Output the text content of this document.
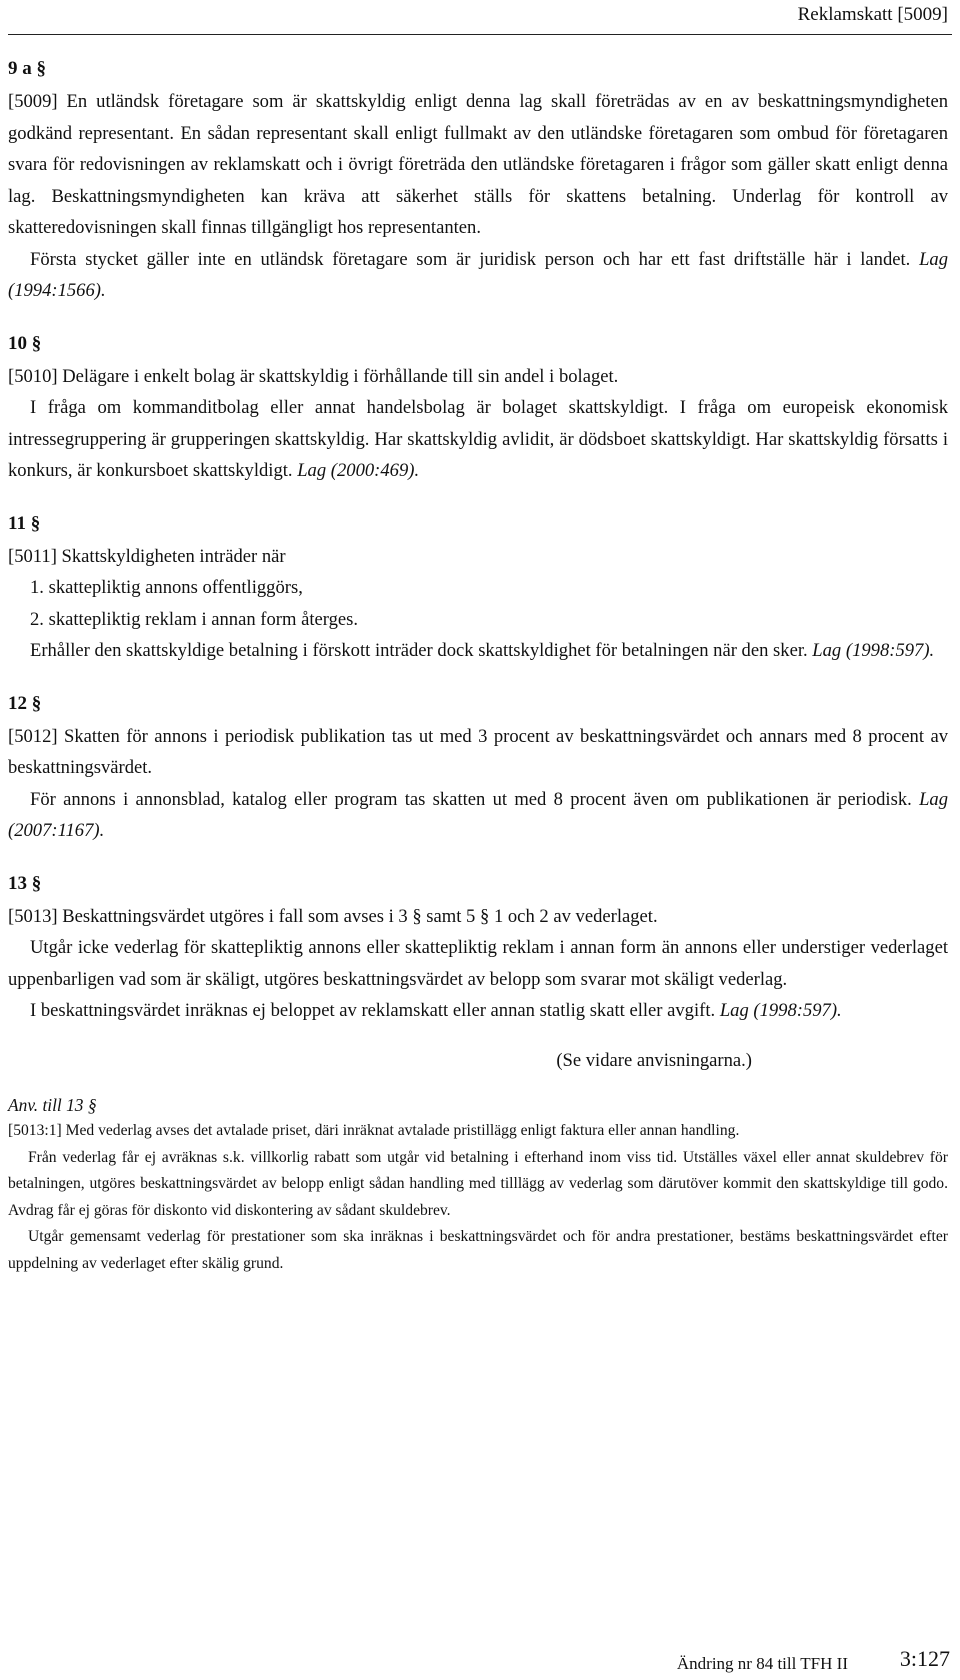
Reklamskatt [5009]
9 a §

[5009] En utländsk företagare som är skattskyldig enligt denna lag skall företrädas av en av beskattningsmyndigheten godkänd representant. En sådan representant skall enligt fullmakt av den utländske företagaren som ombud för företagaren svara för redovisningen av reklamskatt och i övrigt företräda den utländske företagaren i frågor som gäller skatt enligt denna lag. Beskattningsmyndigheten kan kräva att säkerhet ställs för skattens betalning. Underlag för kontroll av skatteredovisningen skall finnas tillgängligt hos representanten.

Första stycket gäller inte en utländsk företagare som är juridisk person och har ett fast driftställe här i landet. Lag (1994:1566).

10 §

[5010] Delägare i enkelt bolag är skattskyldig i förhållande till sin andel i bolaget.

I fråga om kommanditbolag eller annat handelsbolag är bolaget skattskyldigt. I fråga om europeisk ekonomisk intressegruppering är grupperingen skattskyldig. Har skattskyldig avlidit, är dödsboet skattskyldigt. Har skattskyldig försatts i konkurs, är konkursboet skattskyldigt. Lag (2000:469).

11 §

[5011] Skattskyldigheten inträder när

1. skattepliktig annons offentliggörs,

2. skattepliktig reklam i annan form återges.

Erhåller den skattskyldige betalning i förskott inträder dock skattskyldighet för betalningen när den sker. Lag (1998:597).

12 §

[5012] Skatten för annons i periodisk publikation tas ut med 3 procent av beskattningsvärdet och annars med 8 procent av beskattningsvärdet.

För annons i annonsblad, katalog eller program tas skatten ut med 8 procent även om publikationen är periodisk. Lag (2007:1167).

13 §

[5013] Beskattningsvärdet utgöres i fall som avses i 3 § samt 5 § 1 och 2 av vederlaget.

Utgår icke vederlag för skattepliktig annons eller skattepliktig reklam i annan form än annons eller understiger vederlaget uppenbarligen vad som är skäligt, utgöres beskattningsvärdet av belopp som svarar mot skäligt vederlag.

I beskattningsvärdet inräknas ej beloppet av reklamskatt eller annan statlig skatt eller avgift. Lag (1998:597).

(Se vidare anvisningarna.)

Anv. till 13 §

[5013:1] Med vederlag avses det avtalade priset, däri inräknat avtalade pristillägg enligt faktura eller annan handling.

Från vederlag får ej avräknas s.k. villkorlig rabatt som utgår vid betalning i efterhand inom viss tid. Utställes växel eller annat skuldebrev för betalningen, utgöres beskattningsvärdet av belopp enligt sådan handling med tilllägg av vederlag som därutöver kommit den skattskyldige till godo. Avdrag får ej göras för diskonto vid diskontering av sådant skuldebrev.

Utgår gemensamt vederlag för prestationer som ska inräknas i beskattningsvärdet och för andra prestationer, bestäms beskattningsvärdet efter uppdelning av vederlaget efter skälig grund.

Ändring nr 84 till TFH II 3:127
